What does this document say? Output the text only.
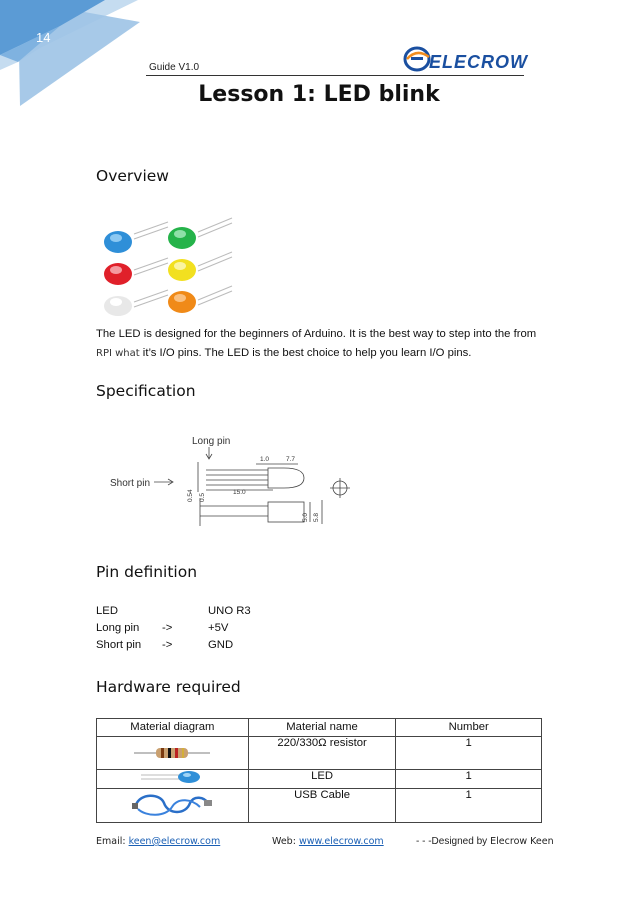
14
Guide V1.0	ELECROW
Lesson 1: LED blink
Overview
The LED is designed for the beginners of Arduino. It is the best way to step into the from
RPI what it’s I/O pins. The LED is the best choice to help you learn I/O pins.
Specification
Long pin
Short pin
1.0	7.7
15.0
0.54 0.5
5.0 5.8
Pin definition
LED	UNO R3
Long pin ->	+5V
Short pin ->	GND
Hardware required
Material diagram	Material name	Number
	220/330Ω resistor	1
	LED	1
	USB Cable	1
Email: keen@elecrow.com	Web: www.elecrow.com	- - -Designed by Elecrow Keen
